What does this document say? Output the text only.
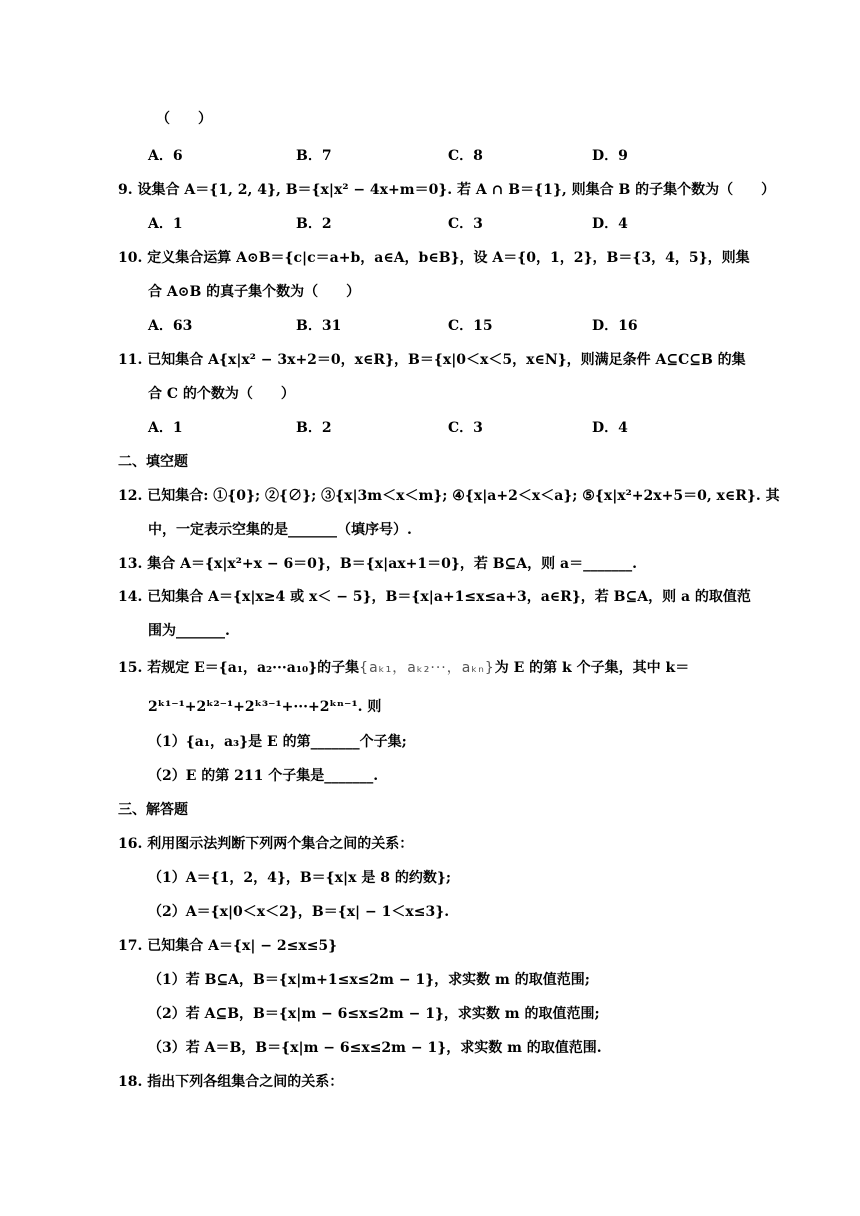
（　　）
A．6	B．7	C．8	D．9
9. 设集合 A＝{1, 2, 4}, B＝{x|x² − 4x+m＝0}. 若 A ∩ B＝{1}, 则集合 B 的子集个数为（　　）
A．1	B．2	C．3	D．4
10. 定义集合运算 A⊙B＝{c|c＝a+b，a∈A，b∈B}，设 A＝{0，1，2}，B＝{3，4，5}，则集
合 A⊙B 的真子集个数为（　　）
A．63	B．31	C．15	D．16
11. 已知集合 A{x|x² − 3x+2＝0，x∈R}，B＝{x|0＜x＜5，x∈N}，则满足条件 A⊆C⊆B 的集
合 C 的个数为（　　）
A．1	B．2	C．3	D．4
二、填空题
12. 已知集合: ①{0}; ②{∅}; ③{x|3m＜x＜m}; ④{x|a+2＜x＜a}; ⑤{x|x²+2x+5＝0, x∈R}. 其
中，一定表示空集的是_______（填序号）.
13. 集合 A＝{x|x²+x − 6＝0}，B＝{x|ax+1＝0}，若 B⊆A，则 a＝_______.
14. 已知集合 A＝{x|x≥4 或 x＜ − 5}，B＝{x|a+1≤x≤a+3，a∈R}，若 B⊆A，则 a 的取值范
围为_______.
15. 若规定 E＝{a₁，a₂···a₁₀}的子集{aₖ₁，aₖ₂···，aₖₙ}为 E 的第 k 个子集，其中 k＝
2ᵏ¹⁻¹+2ᵏ²⁻¹+2ᵏ³⁻¹+···+2ᵏⁿ⁻¹. 则
（1）{a₁，a₃}是 E 的第_______个子集;
（2）E 的第 211 个子集是_______.
三、解答题
16. 利用图示法判断下列两个集合之间的关系：
（1）A＝{1，2，4}，B＝{x|x 是 8 的约数};
（2）A＝{x|0＜x＜2}，B＝{x| − 1＜x≤3}.
17. 已知集合 A＝{x| − 2≤x≤5}
（1）若 B⊆A，B＝{x|m+1≤x≤2m − 1}，求实数 m 的取值范围;
（2）若 A⊆B，B＝{x|m − 6≤x≤2m − 1}，求实数 m 的取值范围;
（3）若 A＝B，B＝{x|m − 6≤x≤2m − 1}，求实数 m 的取值范围.
18. 指出下列各组集合之间的关系：
